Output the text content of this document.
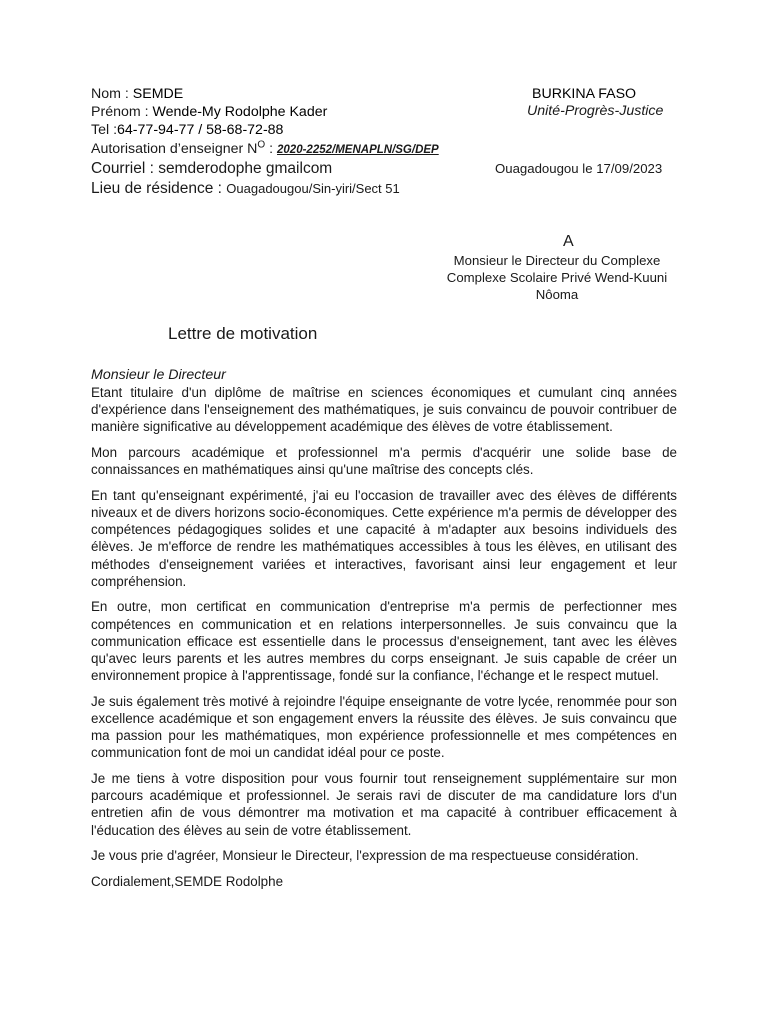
Nom : SEMDE
Prénom : Wende-My Rodolphe Kader
Tel :64-77-94-77 / 58-68-72-88
Autorisation d’enseigner $N^O$ : 2020-2252/MENAPLN/SG/DEP
Courriel : semderodophe gmailcom
Lieu de résidence : Ouagadougou/Sin-yiri/Sect 51
BURKINA FASO
Unité-Progrès-Justice
Ouagadougou le 17/09/2023
A
Monsieur le Directeur du Complexe
Complexe Scolaire Privé Wend-Kuuni
Nôoma
Lettre de motivation
Monsieur le Directeur

Etant titulaire d'un diplôme de maîtrise en sciences économiques et cumulant cinq années d'expérience dans l'enseignement des mathématiques, je suis convaincu de pouvoir contribuer de manière significative au développement académique des élèves de votre établissement.

Mon parcours académique et professionnel m'a permis d'acquérir une solide base de connaissances en mathématiques ainsi qu'une maîtrise des concepts clés.

En tant qu'enseignant expérimenté, j'ai eu l'occasion de travailler avec des élèves de différents niveaux et de divers horizons socio-économiques. Cette expérience m'a permis de développer des compétences pédagogiques solides et une capacité à m'adapter aux besoins individuels des élèves. Je m'efforce de rendre les mathématiques accessibles à tous les élèves, en utilisant des méthodes d'enseignement variées et interactives, favorisant ainsi leur engagement et leur compréhension.

En outre, mon certificat en communication d'entreprise m'a permis de perfectionner mes compétences en communication et en relations interpersonnelles. Je suis convaincu que la communication efficace est essentielle dans le processus d'enseignement, tant avec les élèves qu'avec leurs parents et les autres membres du corps enseignant. Je suis capable de créer un environnement propice à l'apprentissage, fondé sur la confiance, l'échange et le respect mutuel.

Je suis également très motivé à rejoindre l'équipe enseignante de votre lycée, renommée pour son excellence académique et son engagement envers la réussite des élèves. Je suis convaincu que ma passion pour les mathématiques, mon expérience professionnelle et mes compétences en communication font de moi un candidat idéal pour ce poste.

Je me tiens à votre disposition pour vous fournir tout renseignement supplémentaire sur mon parcours académique et professionnel. Je serais ravi de discuter de ma candidature lors d'un entretien afin de vous démontrer ma motivation et ma capacité à contribuer efficacement à l'éducation des élèves au sein de votre établissement.

Je vous prie d'agréer, Monsieur le Directeur, l'expression de ma respectueuse considération.

Cordialement,SEMDE Rodolphe
